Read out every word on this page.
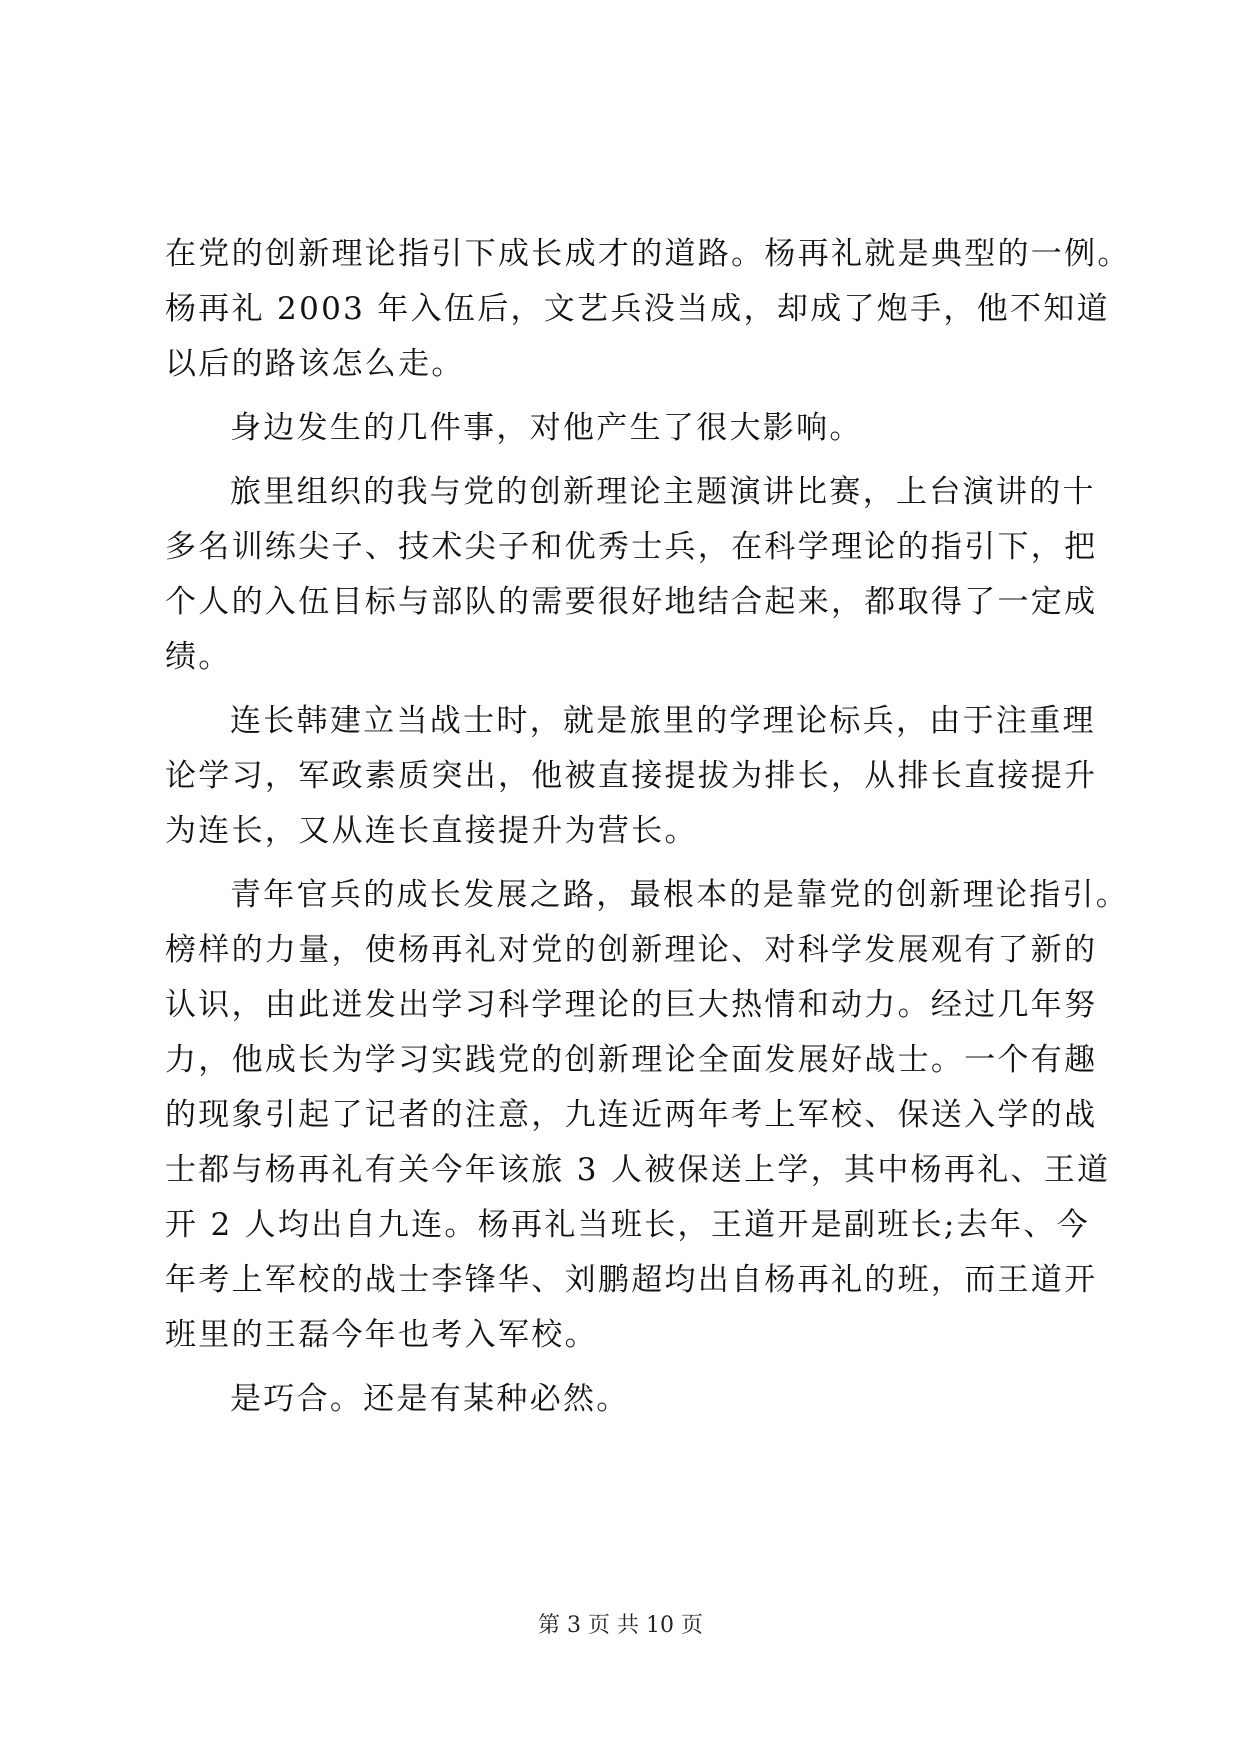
在党的创新理论指引下成长成才的道路。杨再礼就是典型的一例。
杨再礼 2003 年入伍后，文艺兵没当成，却成了炮手，他不知道
以后的路该怎么走。
身边发生的几件事，对他产生了很大影响。
旅里组织的我与党的创新理论主题演讲比赛，上台演讲的十
多名训练尖子、技术尖子和优秀士兵，在科学理论的指引下，把
个人的入伍目标与部队的需要很好地结合起来，都取得了一定成
绩。
连长韩建立当战士时，就是旅里的学理论标兵，由于注重理
论学习，军政素质突出，他被直接提拔为排长，从排长直接提升
为连长，又从连长直接提升为营长。
青年官兵的成长发展之路，最根本的是靠党的创新理论指引。
榜样的力量，使杨再礼对党的创新理论、对科学发展观有了新的
认识，由此迸发出学习科学理论的巨大热情和动力。经过几年努
力，他成长为学习实践党的创新理论全面发展好战士。一个有趣
的现象引起了记者的注意，九连近两年考上军校、保送入学的战
士都与杨再礼有关今年该旅 3 人被保送上学，其中杨再礼、王道
开 2 人均出自九连。杨再礼当班长，王道开是副班长;去年、今
年考上军校的战士李锋华、刘鹏超均出自杨再礼的班，而王道开
班里的王磊今年也考入军校。
是巧合。还是有某种必然。
第 3 页 共 10 页
